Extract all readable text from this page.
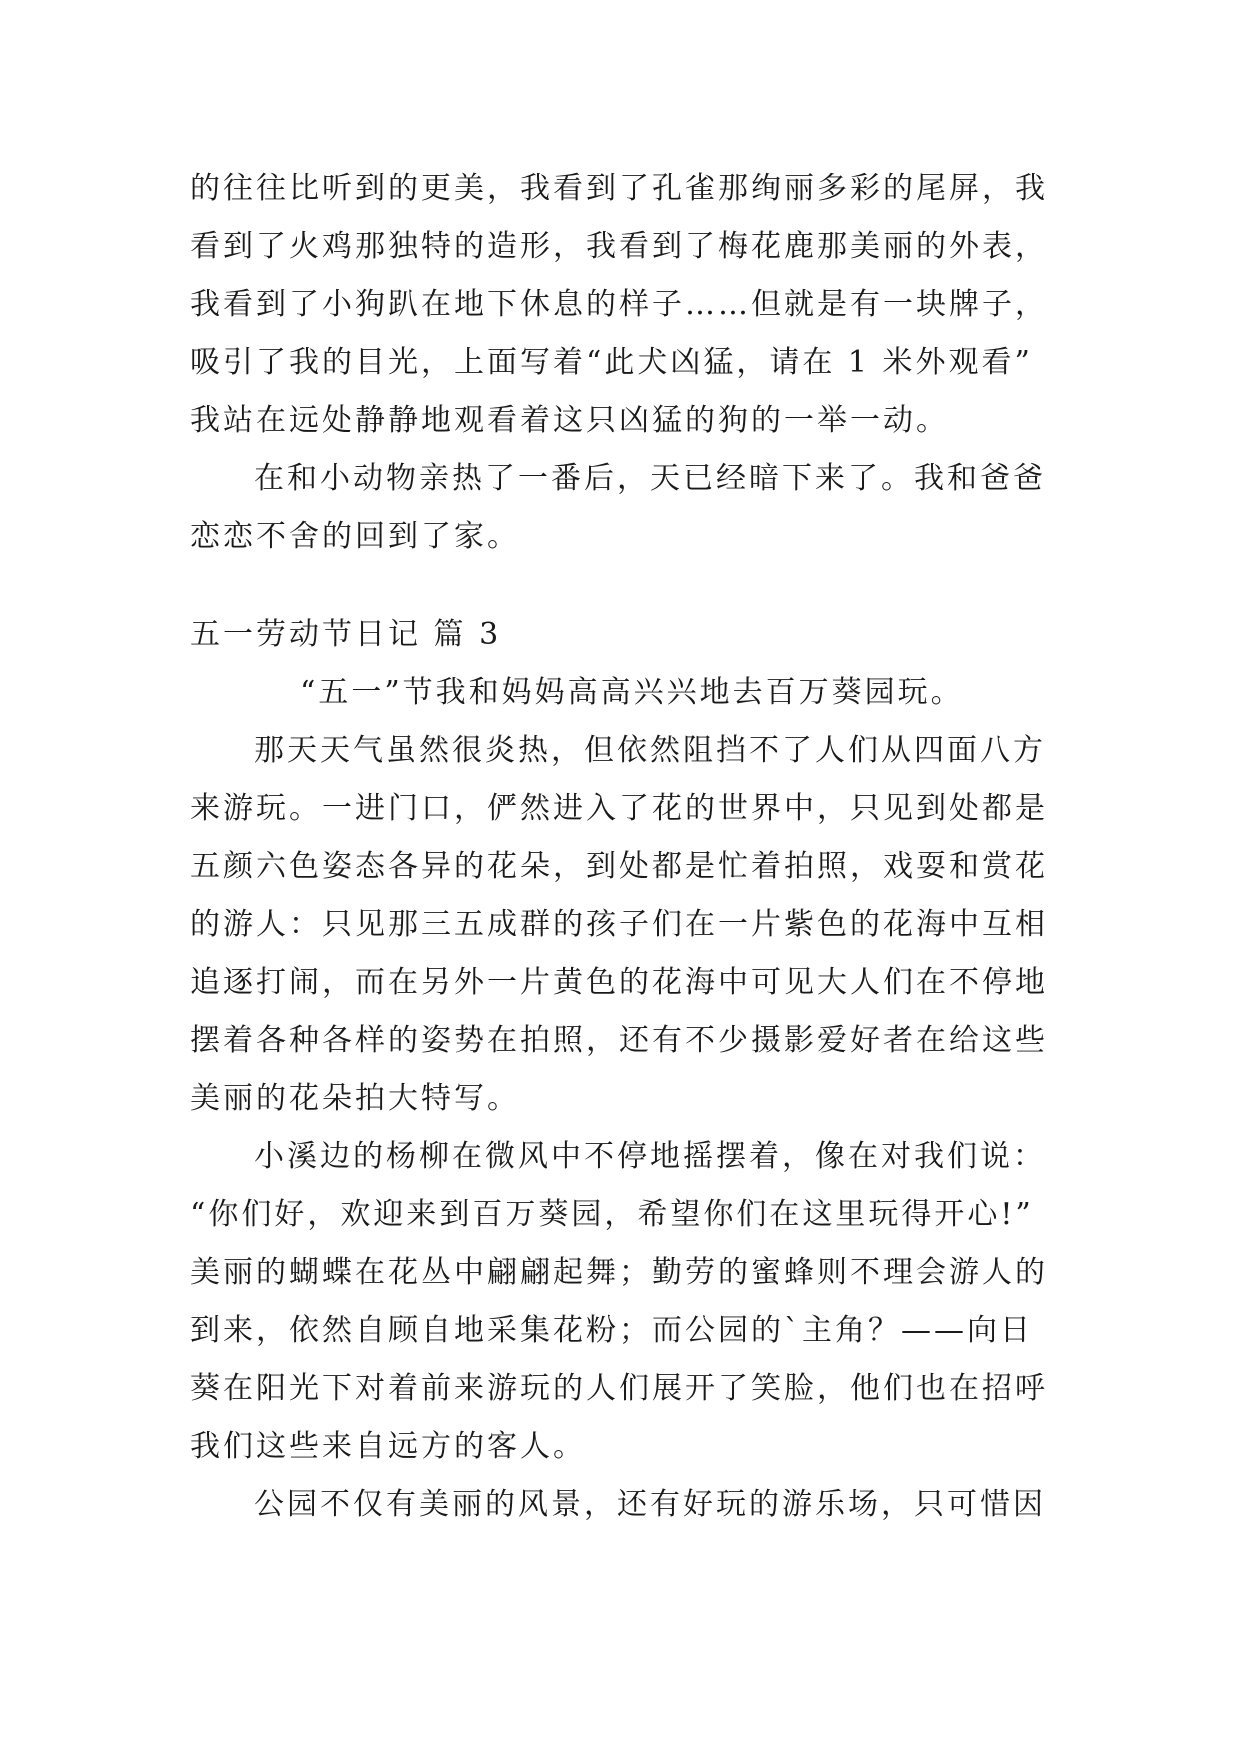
的往往比听到的更美，我看到了孔雀那绚丽多彩的尾屏，我
看到了火鸡那独特的造形，我看到了梅花鹿那美丽的外表，
我看到了小狗趴在地下休息的样子……但就是有一块牌子，
吸引了我的目光，上面写着“此犬凶猛，请在 1 米外观看”
我站在远处静静地观看着这只凶猛的狗的一举一动。
在和小动物亲热了一番后，天已经暗下来了。我和爸爸
恋恋不舍的回到了家。
五一劳动节日记 篇 3
“五一”节我和妈妈高高兴兴地去百万葵园玩。
那天天气虽然很炎热，但依然阻挡不了人们从四面八方
来游玩。一进门口，俨然进入了花的世界中，只见到处都是
五颜六色姿态各异的花朵，到处都是忙着拍照，戏耍和赏花
的游人：只见那三五成群的孩子们在一片紫色的花海中互相
追逐打闹，而在另外一片黄色的花海中可见大人们在不停地
摆着各种各样的姿势在拍照，还有不少摄影爱好者在给这些
美丽的花朵拍大特写。
小溪边的杨柳在微风中不停地摇摆着，像在对我们说：
“你们好，欢迎来到百万葵园，希望你们在这里玩得开心!”
美丽的蝴蝶在花丛中翩翩起舞；勤劳的蜜蜂则不理会游人的
到来，依然自顾自地采集花粉；而公园的`主角？——向日
葵在阳光下对着前来游玩的人们展开了笑脸，他们也在招呼
我们这些来自远方的客人。
公园不仅有美丽的风景，还有好玩的游乐场，只可惜因
